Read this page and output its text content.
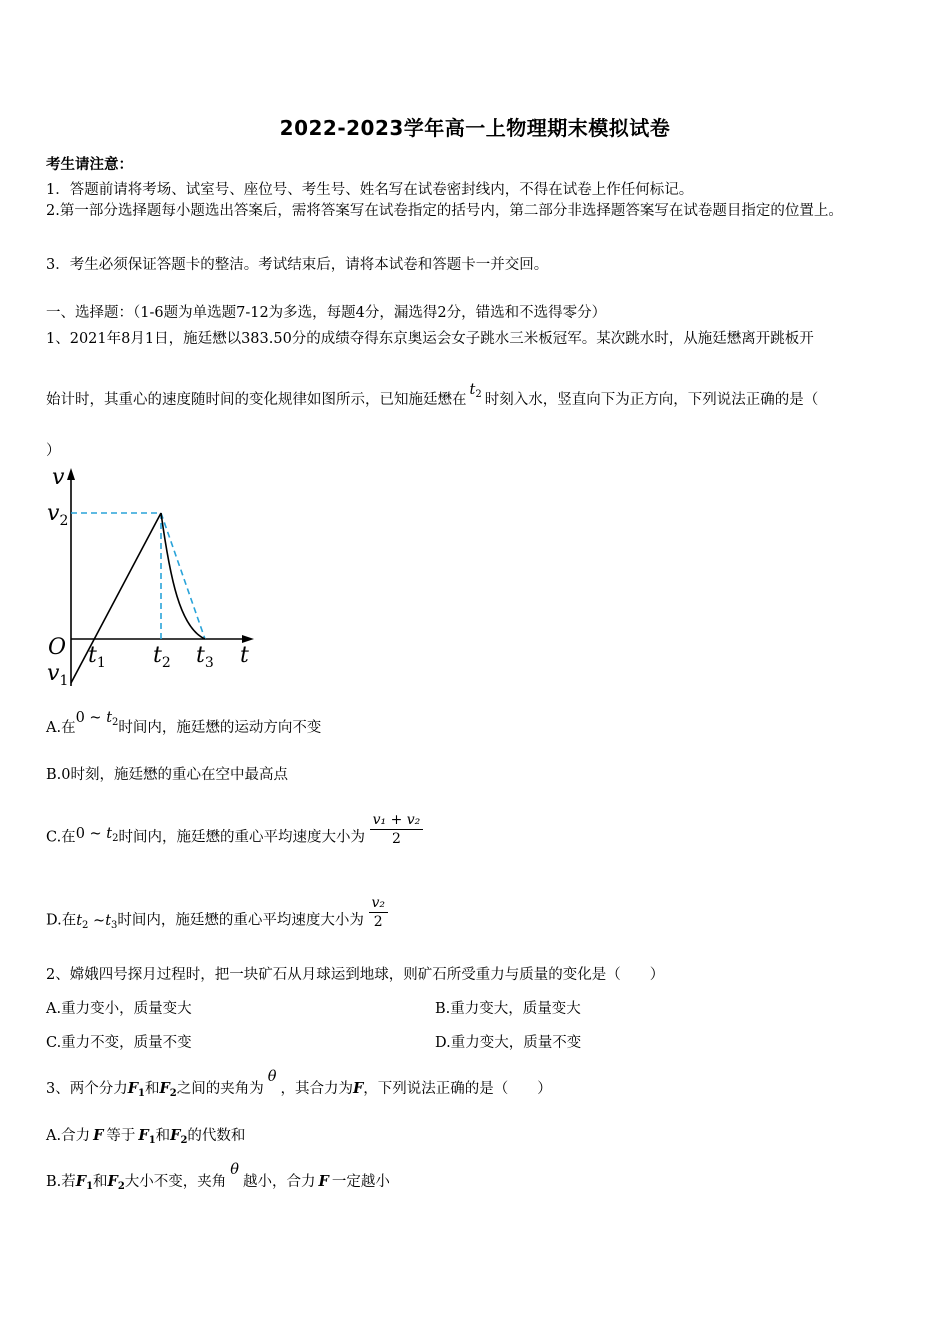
2022-2023学年高一上物理期末模拟试卷
考生请注意：
1．答题前请将考场、试室号、座位号、考生号、姓名写在试卷密封线内，不得在试卷上作任何标记。
2.第一部分选择题每小题选出答案后，需将答案写在试卷指定的括号内，第二部分非选择题答案写在试卷题目指定的位置上。
3．考生必须保证答题卡的整洁。考试结束后，请将本试卷和答题卡一并交回。
一、选择题：（1-6题为单选题7-12为多选，每题4分，漏选得2分，错选和不选得零分）
1、2021年8月1日，施廷懋以383.50分的成绩夺得东京奥运会女子跳水三米板冠军。某次跳水时，从施廷懋离开跳板开
始计时，其重心的速度随时间的变化规律如图所示，已知施廷懋在$t_2$ 时刻入水，竖直向下为正方向，下列说法正确的是（
）
v
$v_2$
O
$v_1$
$t_1$ $t_2$ $t_3$ t
A.在0 ~ $t_2$时间内，施廷懋的运动方向不变
B.0时刻，施廷懋的重心在空中最高点
C.在0 ~ $t_2$时间内，施廷懋的重心平均速度大小为 $\frac{\text{v₁ + v₂}}{2}$
D.在$t_2$ $\sim t_3$时间内，施廷懋的重心平均速度大小为 $\frac{\text{v₂}}{2}$
2、嫦娥四号探月过程时，把一块矿石从月球运到地球，则矿石所受重力与质量的变化是（　　）
A.重力变小，质量变大	B.重力变大，质量变大
C.重力不变，质量不变	D.重力变大，质量不变
3、两个分力$F_1$和$F_2$之间的夹角为θ，其合力为F，下列说法正确的是（　　）
A.合力 F 等于 $F_1$和$F_2$的代数和
B.若$F_1$和$F_2$大小不变，夹角θ越小，合力 F 一定越小
